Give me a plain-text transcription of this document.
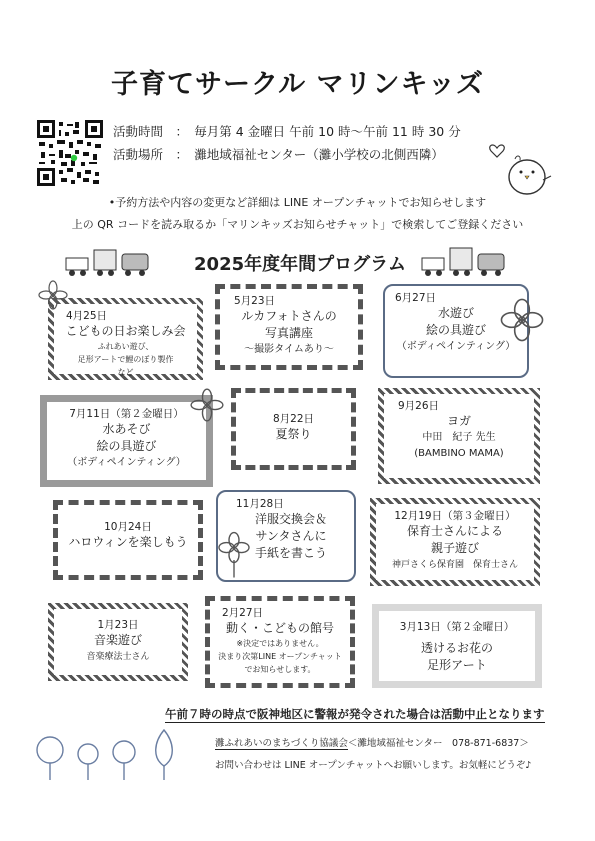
子育てサークル マリンキッズ
活動時間　：　毎月第 4 金曜日 午前 10 時～午前 11 時 30 分
活動場所　：　灘地域福祉センター（灘小学校の北側西隣）
•予約方法や内容の変更など詳細は LINE オープンチャットでお知らせします
上の QR コードを読み取るか「マリンキッズお知らせチャット」で検索してご登録ください
2025年度年間プログラム
4月25日
こどもの日お楽しみ会
ふれあい遊び、
足形アートで鯉のぼり製作
など
5月23日
ルカフォトさんの
写真講座
～撮影タイムあり～
6月27日
水遊び
絵の具遊び
（ボディペインティング）
7月11日（第２金曜日）
水あそび
絵の具遊び
（ボディペインティング）
8月22日
夏祭り
9月26日
ヨガ
中田　紀子 先生
(BAMBINO MAMA)
10月24日
ハロウィンを楽しもう
11月28日
洋服交換会＆
サンタさんに
手紙を書こう
12月19日（第３金曜日）
保育士さんによる
親子遊び
神戸さくら保育園　保育士さん
1月23日
音楽遊び
音楽療法士さん
2月27日
動く・こどもの館号
※決定ではありません。
決まり次第LINE オープンチャット
でお知らせします。
3月13日（第２金曜日）
透けるお花の
足形アート
午前７時の時点で阪神地区に警報が発令された場合は活動中止となります
灘ふれあいのまちづくり協議会＜灘地域福祉センター　078-871-6837＞
お問い合わせは LINE オープンチャットへお願いします。お気軽にどうぞ♪
